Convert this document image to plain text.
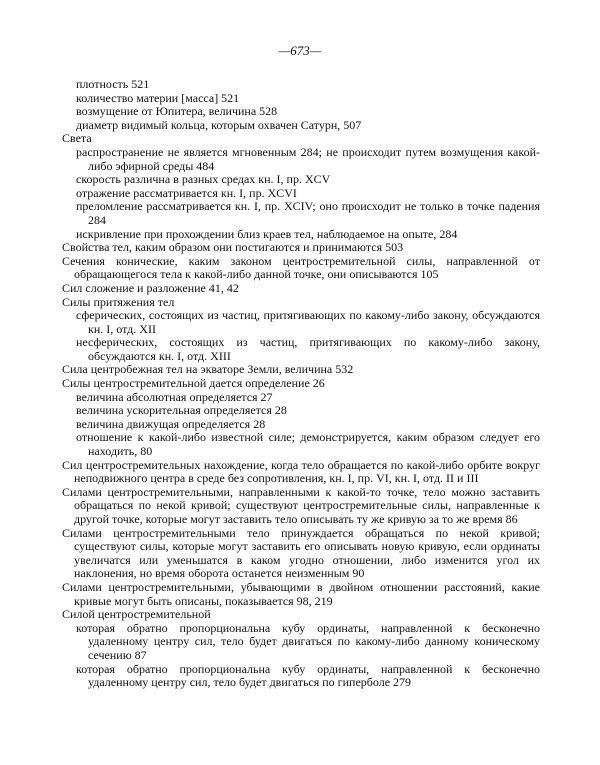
—673—

плотность 521

количество материи [масса] 521

возмущение от Юпитера, величина 528

диаметр видимый кольца, которым охвачен Сатурн, 507

Света

распространение не является мгновенным 284; не происходит путем возмущения какой-либо эфирной среды 484

скорость различна в разных средах кн. I, пр. XCV

отражение рассматривается кн. I, пр. XCVI

преломление рассматривается кн. I, пр. XCIV; оно происходит не только в точке падения 284

искривление при прохождении близ краев тел, наблюдаемое на опыте, 284

Свойства тел, каким образом они постигаются и принимаются 503

Сечения конические, каким законом центростремительной силы, направленной от обращающегося тела к какой-либо данной точке, они описываются 105

Сил сложение и разложение 41, 42

Силы притяжения тел

сферических, состоящих из частиц, притягивающих по какому-либо закону, обсуждаются кн. I, отд. XII

несферических, состоящих из частиц, притягивающих по какому-либо закону, обсуждаются кн. I, отд. XIII

Сила центробежная тел на экваторе Земли, величина 532

Силы центростремительной дается определение 26

величина абсолютная определяется 27

величина ускорительная определяется 28

величина движущая определяется 28

отношение к какой-либо известной силе; демонстрируется, каким образом следует его находить, 80

Сил центростремительных нахождение, когда тело обращается по какой-либо орбите вокруг неподвижного центра в среде без сопротивления, кн. I, пр. VI, кн. I, отд. II и III

Силами центростремительными, направленными к какой-то точке, тело можно заставить обращаться по некой кривой; существуют центростремительные силы, направленные к другой точке, которые могут заставить тело описывать ту же кривую за то же время 86

Силами центростремительными тело принуждается обращаться по некой кривой; существуют силы, которые могут заставить его описывать новую кривую, если ординаты увеличатся или уменьшатся в каком угодно отношении, либо изменится угол их наклонения, но время оборота останется неизменным 90

Силами центростремительными, убывающими в двойном отношении расстояний, какие кривые могут быть описаны, показывается 98, 219

Силой центростремительной

которая обратно пропорциональна кубу ординаты, направленной к бесконечно удаленному центру сил, тело будет двигаться по какому-либо данному коническому сечению 87

которая обратно пропорциональна кубу ординаты, направленной к бесконечно удаленному центру сил, тело будет двигаться по гиперболе 279
